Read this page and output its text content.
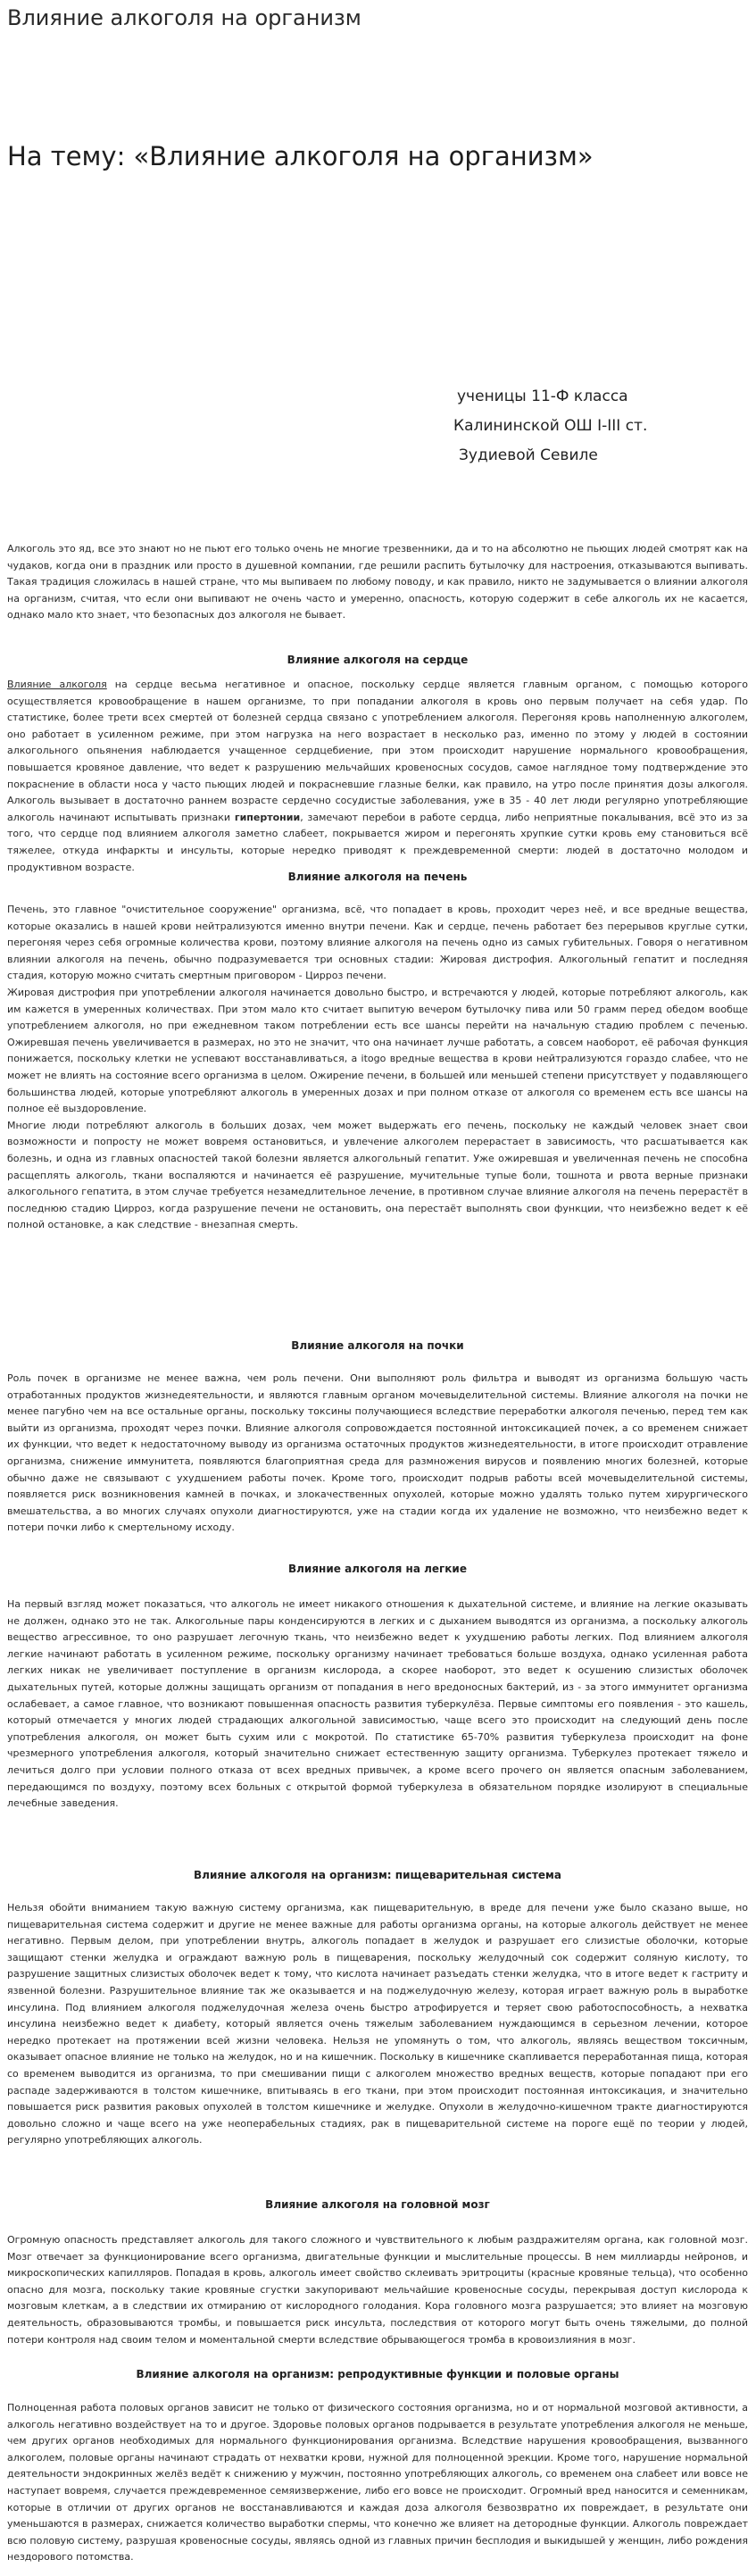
Влияние алкоголя на организм
На тему: «Влияние алкоголя на организм»
ученицы 11-Ф класса
Калининской ОШ I-III ст.
Зудиевой Севиле

Алкоголь это яд, все это знают но не пьют его только очень не многие трезвенники, да и то на абсолютно не пьющих людей смотрят как на чудаков, когда они в праздник или просто в душевной компании, где решили распить бутылочку для настроения, отказываются выпивать. Такая традиция сложилась в нашей стране, что мы выпиваем по любому поводу, и как правило, никто не задумывается о влиянии алкоголя на организм, считая, что если они выпивают не очень часто и умеренно, опасность, которую содержит в себе алкоголь их не касается, однако мало кто знает, что безопасных доз алкоголя не бывает.

Влияние алкоголя на сердце

Влияние алкоголя на сердце весьма негативное и опасное, поскольку сердце является главным органом, с помощью которого осуществляется кровообращение в нашем организме, то при попадании алкоголя в кровь оно первым получает на себя удар. По статистике, более трети всех смертей от болезней сердца связано с употреблением алкоголя. Перегоняя кровь наполненную алкоголем, оно работает в усиленном режиме, при этом нагрузка на него возрастает в несколько раз, именно по этому у людей в состоянии алкогольного опьянения наблюдается учащенное сердцебиение, при этом происходит нарушение нормального кровообращения, повышается кровяное давление, что ведет к разрушению мельчайших кровеносных сосудов, самое наглядное тому подтверждение это покраснение в области носа у часто пьющих людей и покрасневшие глазные белки, как правило, на утро после принятия дозы алкоголя. Алкоголь вызывает в достаточно раннем возрасте сердечно сосудистые заболевания, уже в 35 - 40 лет люди регулярно употребляющие алкоголь начинают испытывать признаки гипертонии, замечают перебои в работе сердца, либо неприятные покалывания, всё это из за того, что сердце под влиянием алкоголя заметно слабеет, покрывается жиром и перегонять хрупкие сутки кровь ему становиться всё тяжелее, откуда инфаркты и инсульты, которые нередко приводят к преждевременной смерти: людей в достаточно молодом и продуктивном возрасте.

Влияние алкоголя на печень

Печень, это главное "очистительное сооружение" организма, всё, что попадает в кровь, проходит через неё, и все вредные вещества, которые оказались в нашей крови нейтрализуются именно внутри печени. Как и сердце, печень работает без перерывов круглые сутки, перегоняя через себя огромные количества крови, поэтому влияние алкоголя на печень одно из самых губительных. Говоря о негативном влиянии алкоголя на печень, обычно подразумевается три основных стадии: Жировая дистрофия. Алкогольный гепатит и последняя стадия, которую можно считать смертным приговором - Цирроз печени.
Жировая дистрофия при употреблении алкоголя начинается довольно быстро, и встречаются у людей, которые потребляют алкоголь, как им кажется в умеренных количествах. При этом мало кто считает выпитую вечером бутылочку пива или 50 грамм перед обедом вообще употреблением алкоголя, но при ежедневном таком потреблении есть все шансы перейти на начальную стадию проблем с печенью. Ожиревшая печень увеличивается в размерах, но это не значит, что она начинает лучше работать, а совсем наоборот, её рабочая функция понижается, поскольку клетки не успевают восстанавливаться, а itogo вредные вещества в крови нейтрализуются гораздо слабее, что не может не влиять на состояние всего организма в целом. Ожирение печени, в большей или меньшей степени присутствует у подавляющего большинства людей, которые употребляют алкоголь в умеренных дозах и при полном отказе от алкоголя со временем есть все шансы на полное её выздоровление.
Многие люди потребляют алкоголь в больших дозах, чем может выдержать его печень, поскольку не каждый человек знает свои возможности и попросту не может вовремя остановиться, и увлечение алкоголем перерастает в зависимость, что расшатывается как болезнь, и одна из главных опасностей такой болезни является алкогольный гепатит. Уже ожиревшая и увеличенная печень не способна расщеплять алкоголь, ткани воспаляются и начинается её разрушение, мучительные тупые боли, тошнота и рвота верные признаки алкогольного гепатита, в этом случае требуется незамедлительное лечение, в противном случае влияние алкоголя на печень перерастёт в последнюю стадию Цирроз, когда разрушение печени не остановить, она перестаёт выполнять свои функции, что неизбежно ведет к её полной остановке, а как следствие - внезапная смерть.

Влияние алкоголя на почки

Роль почек в организме не менее важна, чем роль печени. Они выполняют роль фильтра и выводят из организма большую часть отработанных продуктов жизнедеятельности, и являются главным органом мочевыделительной системы. Влияние алкоголя на почки не менее пагубно чем на все остальные органы, поскольку токсины получающиеся вследствие переработки алкоголя печенью, перед тем как выйти из организма, проходят через почки. Влияние алкоголя сопровождается постоянной интоксикацией почек, а со временем снижает их функции, что ведет к недостаточному выводу из организма остаточных продуктов жизнедеятельности, в итоге происходит отравление организма, снижение иммунитета, появляются благоприятная среда для размножения вирусов и появлению многих болезней, которые обычно даже не связывают с ухудшением работы почек. Кроме того, происходит подрыв работы всей мочевыделительной системы, появляется риск возникновения камней в почках, и злокачественных опухолей, которые можно удалять только путем хирургического вмешательства, а во многих случаях опухоли диагностируются, уже на стадии когда их удаление не возможно, что неизбежно ведет к потери почки либо к смертельному исходу.

Влияние алкоголя на легкие

На первый взгляд может показаться, что алкоголь не имеет никакого отношения к дыхательной системе, и влияние на легкие оказывать не должен, однако это не так. Алкогольные пары конденсируются в легких и с дыханием выводятся из организма, а поскольку алкоголь вещество агрессивное, то оно разрушает легочную ткань, что неизбежно ведет к ухудшению работы легких. Под влиянием алкоголя легкие начинают работать в усиленном режиме, поскольку организму начинает требоваться больше воздуха, однако усиленная работа легких никак не увеличивает поступление в организм кислорода, а скорее наоборот, это ведет к осушению слизистых оболочек дыхательных путей, которые должны защищать организм от попадания в него вредоносных бактерий, из - за этого иммунитет организма ослабевает, а самое главное, что возникают повышенная опасность развития туберкулёза. Первые симптомы его появления - это кашель, который отмечается у многих людей страдающих алкогольной зависимостью, чаще всего это происходит на следующий день после употребления алкоголя, он может быть сухим или с мокротой. По статистике 65-70% развития туберкулеза происходит на фоне чрезмерного употребления алкоголя, который значительно снижает естественную защиту организма. Туберкулез протекает тяжело и лечиться долго при условии полного отказа от всех вредных привычек, а кроме всего прочего он является опасным заболеванием, передающимся по воздуху, поэтому всех больных с открытой формой туберкулеза в обязательном порядке изолируют в специальные лечебные заведения.

Влияние алкоголя на организм: пищеварительная система

Нельзя обойти вниманием такую важную систему организма, как пищеварительную, в вреде для печени уже было сказано выше, но пищеварительная система содержит и другие не менее важные для работы организма органы, на которые алкоголь действует не менее негативно. Первым делом, при употреблении внутрь, алкоголь попадает в желудок и разрушает его слизистые оболочки, которые защищают стенки желудка и ограждают важную роль в пищеварения, поскольку желудочный сок содержит соляную кислоту, то разрушение защитных слизистых оболочек ведет к тому, что кислота начинает разъедать стенки желудка, что в итоге ведет к гастриту и язвенной болезни. Разрушительное влияние так же оказывается и на поджелудочную железу, которая играет важную роль в выработке инсулина. Под влиянием алкоголя поджелудочная железа очень быстро атрофируется и теряет свою работоспособность, а нехватка инсулина неизбежно ведет к диабету, который является очень тяжелым заболеванием нуждающимся в серьезном лечении, которое нередко протекает на протяжении всей жизни человека. Нельзя не упомянуть о том, что алкоголь, являясь веществом токсичным, оказывает опасное влияние не только на желудок, но и на кишечник. Поскольку в кишечнике скапливается переработанная пища, которая со временем выводится из организма, то при смешивании пищи с алкоголем множество вредных веществ, которые попадают при его распаде задерживаются в толстом кишечнике, впитываясь в его ткани, при этом происходит постоянная интоксикация, и значительно повышается риск развития раковых опухолей в толстом кишечнике и желудке. Опухоли в желудочно-кишечном тракте диагностируются довольно сложно и чаще всего на уже неоперабельных стадиях, рак в пищеварительной системе на пороге ещё по теории у людей, регулярно употребляющих алкоголь.

Влияние алкоголя на головной мозг

Огромную опасность представляет алкоголь для такого сложного и чувствительного к любым раздражителям органа, как головной мозг. Мозг отвечает за функционирование всего организма, двигательные функции и мыслительные процессы. В нем миллиарды нейронов, и микроскопических капилляров. Попадая в кровь, алкоголь имеет свойство склеивать эритроциты (красные кровяные тельца), что особенно опасно для мозга, поскольку такие кровяные сгустки закупоривают мельчайшие кровеносные сосуды, перекрывая доступ кислорода к мозговым клеткам, а в следствии их отмиранию от кислородного голодания. Кора головного мозга разрушается; это влияет на мозговую деятельность, образовываются тромбы, и повышается риск инсульта, последствия от которого могут быть очень тяжелыми, до полной потери контроля над своим телом и моментальной смерти вследствие обрывающегося тромба в кровоизлияния в мозг.

Влияние алкоголя на организм: репродуктивные функции и половые органы

Полноценная работа половых органов зависит не только от физического состояния организма, но и от нормальной мозговой активности, а алкоголь негативно воздействует на то и другое. Здоровье половых органов подрывается в результате употребления алкоголя не меньше, чем других органов необходимых для нормального функционирования организма. Вследствие нарушения кровообращения, вызванного алкоголем, половые органы начинают страдать от нехватки крови, нужной для полноценной эрекции. Кроме того, нарушение нормальной деятельности эндокринных желёз ведёт к снижению у мужчин, постоянно употребляющих алкоголь, со временем она слабеет или вовсе не наступает вовремя, случается преждевременное семяизвержение, либо его вовсе не происходит. Огромный вред наносится и семенникам, которые в отличии от других органов не восстанавливаются и каждая доза алкоголя безвозвратно их повреждает, в результате они уменьшаются в размерах, снижается количество выработки спермы, что конечно же влияет на детородные функции. Алкоголь повреждает всю половую систему, разрушая кровеносные сосуды, являясь одной из главных причин бесплодия и выкидышей у женщин, либо рождения нездорового потомства.
